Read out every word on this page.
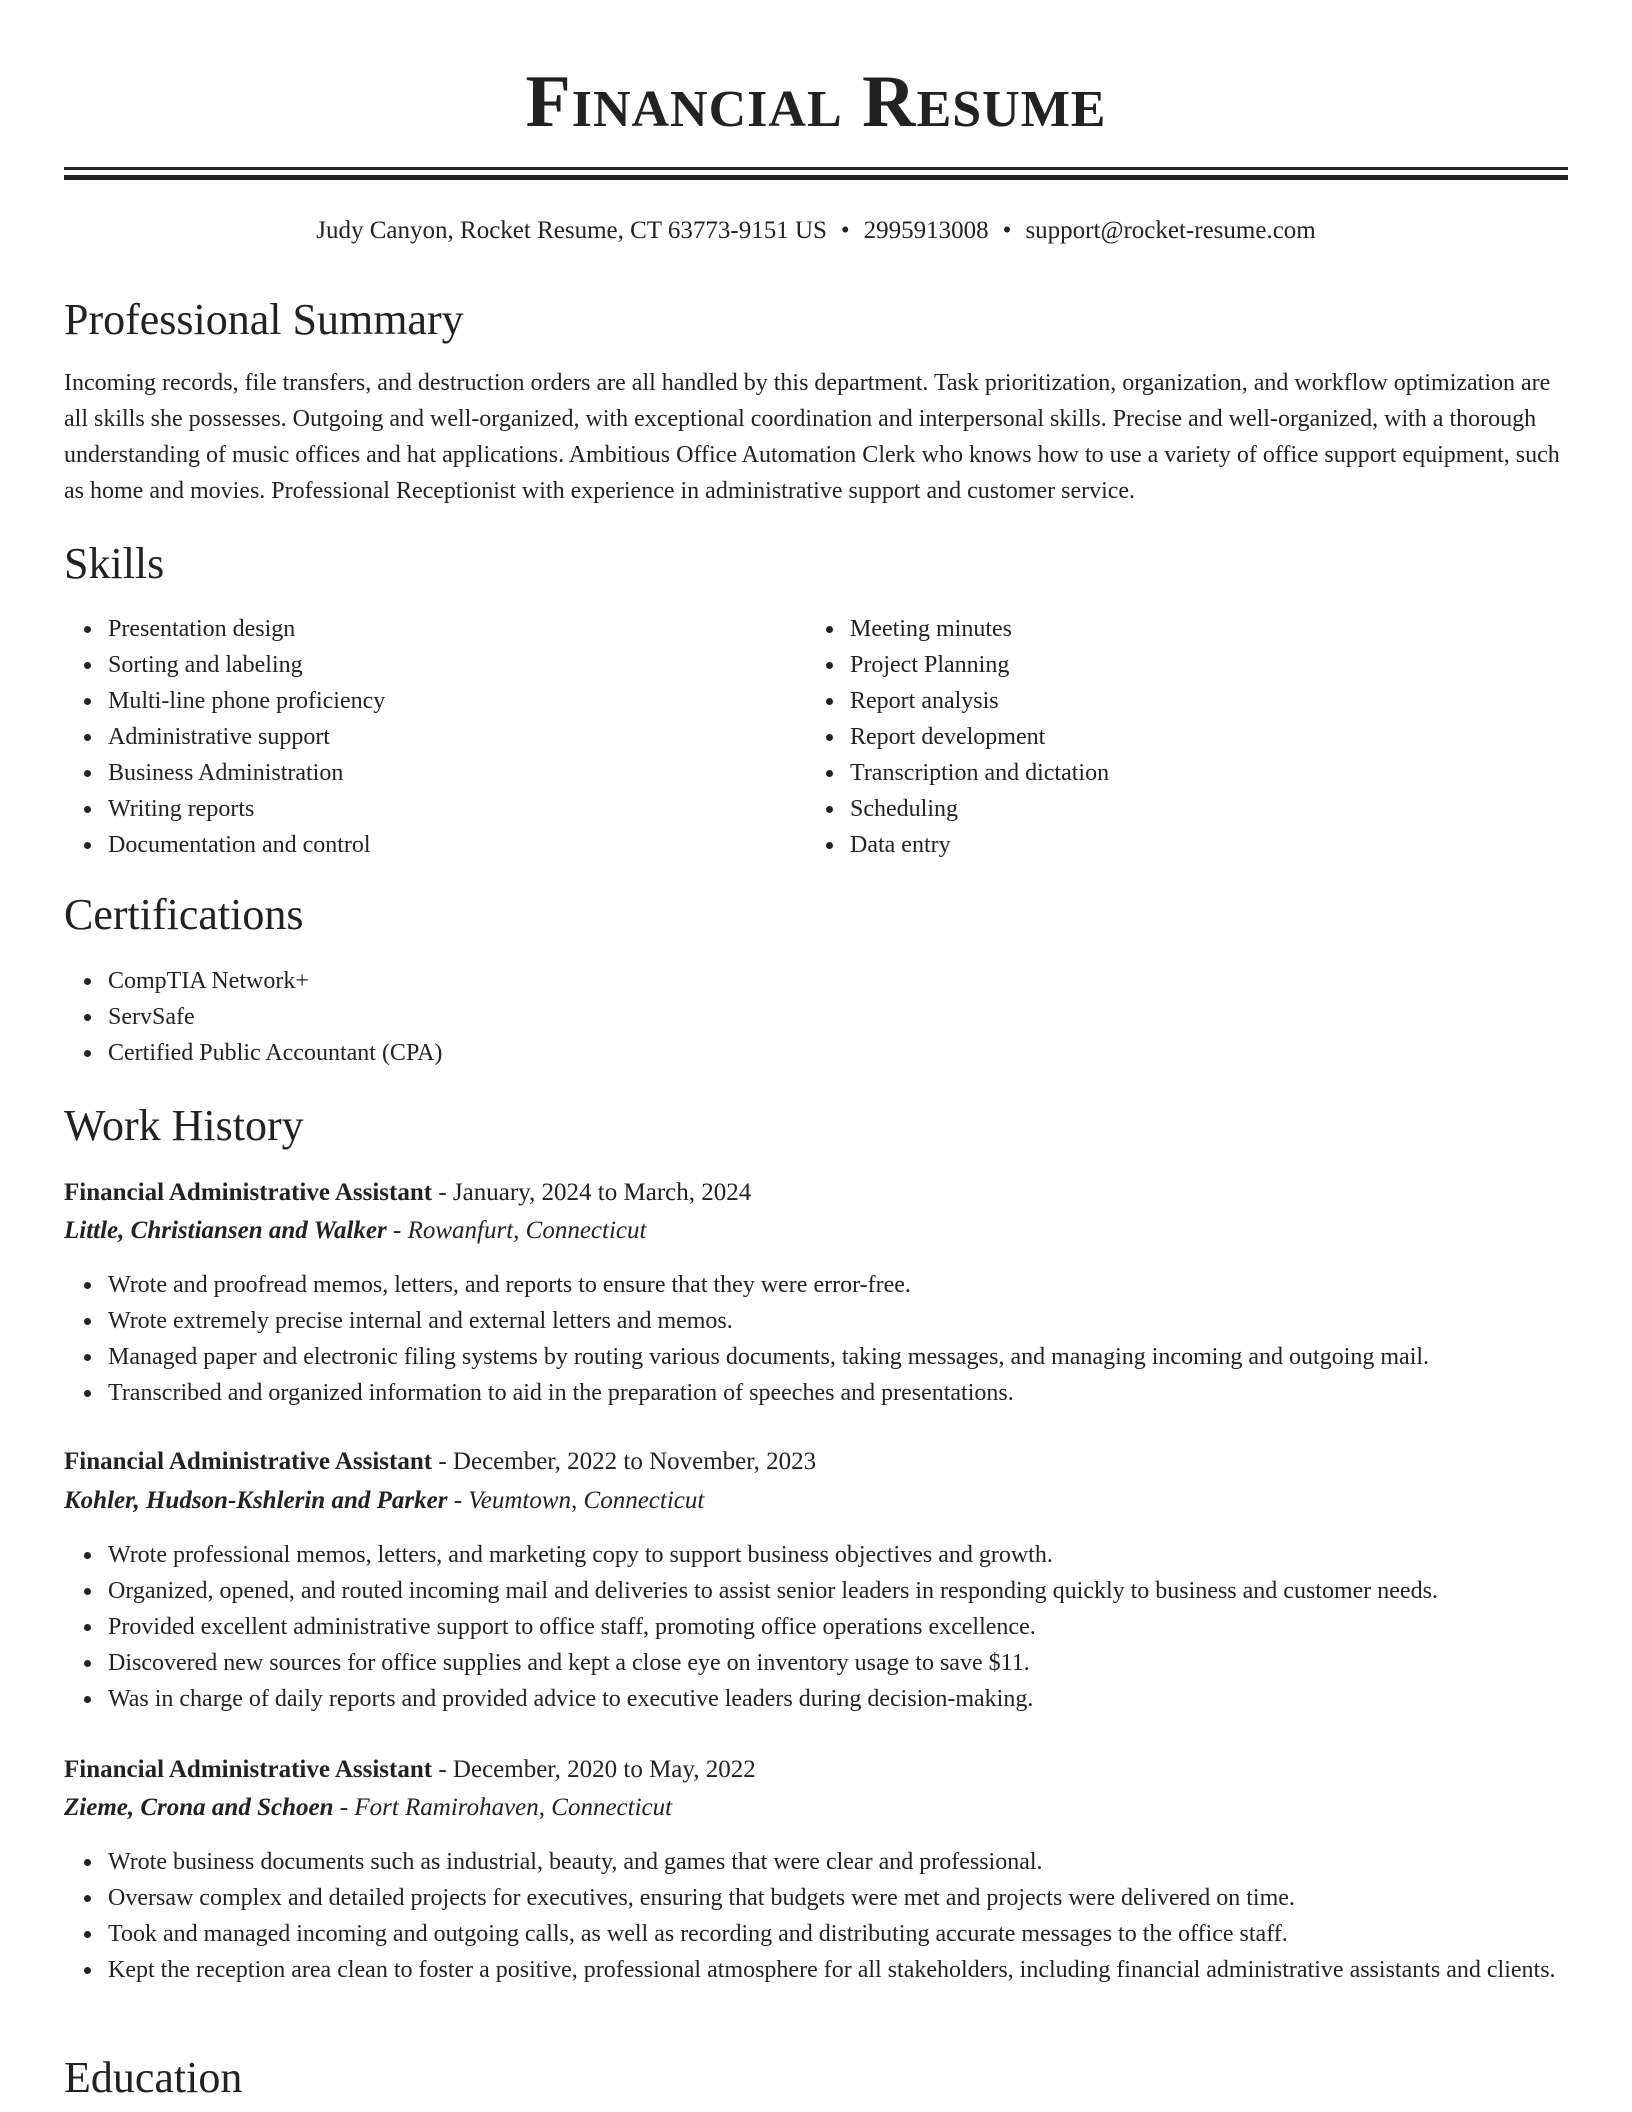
Financial Resume
Judy Canyon, Rocket Resume, CT 63773-9151 US • 2995913008 • support@rocket-resume.com
Professional Summary

Incoming records, file transfers, and destruction orders are all handled by this department. Task prioritization, organization, and workflow optimization are all skills she possesses. Outgoing and well-organized, with exceptional coordination and interpersonal skills. Precise and well-organized, with a thorough understanding of music offices and hat applications. Ambitious Office Automation Clerk who knows how to use a variety of office support equipment, such as home and movies. Professional Receptionist with experience in administrative support and customer service.

Skills
Presentation design
Sorting and labeling
Multi-line phone proficiency
Administrative support
Business Administration
Writing reports
Documentation and control
Meeting minutes
Project Planning
Report analysis
Report development
Transcription and dictation
Scheduling
Data entry
Certifications
CompTIA Network+
ServSafe
Certified Public Accountant (CPA)
Work History
Financial Administrative Assistant - January, 2024 to March, 2024
Little, Christiansen and Walker - Rowanfurt, Connecticut
Wrote and proofread memos, letters, and reports to ensure that they were error-free.
Wrote extremely precise internal and external letters and memos.
Managed paper and electronic filing systems by routing various documents, taking messages, and managing incoming and outgoing mail.
Transcribed and organized information to aid in the preparation of speeches and presentations.
Financial Administrative Assistant - December, 2022 to November, 2023
Kohler, Hudson-Kshlerin and Parker - Veumtown, Connecticut
Wrote professional memos, letters, and marketing copy to support business objectives and growth.
Organized, opened, and routed incoming mail and deliveries to assist senior leaders in responding quickly to business and customer needs.
Provided excellent administrative support to office staff, promoting office operations excellence.
Discovered new sources for office supplies and kept a close eye on inventory usage to save $11.
Was in charge of daily reports and provided advice to executive leaders during decision-making.
Financial Administrative Assistant - December, 2020 to May, 2022
Zieme, Crona and Schoen - Fort Ramirohaven, Connecticut
Wrote business documents such as industrial, beauty, and games that were clear and professional.
Oversaw complex and detailed projects for executives, ensuring that budgets were met and projects were delivered on time.
Took and managed incoming and outgoing calls, as well as recording and distributing accurate messages to the office staff.
Kept the reception area clean to foster a positive, professional atmosphere for all stakeholders, including financial administrative assistants and clients.
Education
